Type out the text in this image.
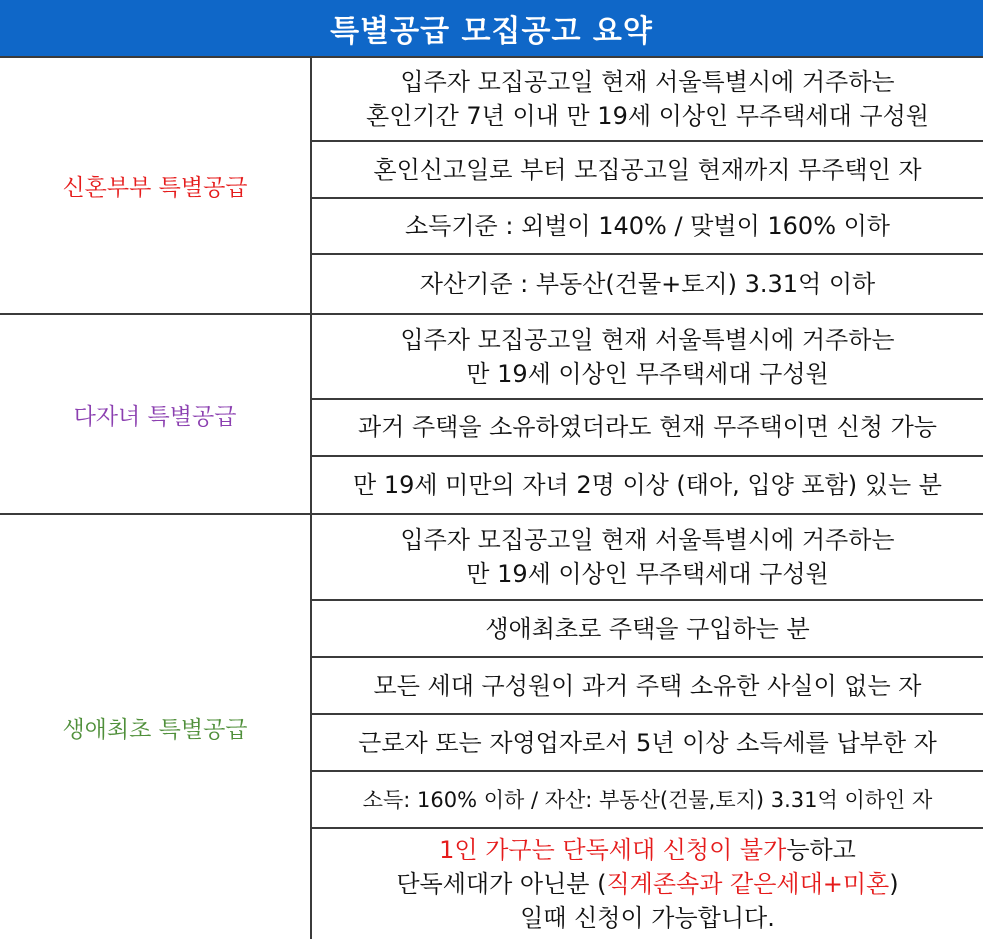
특별공급 모집공고 요약
신혼부부 특별공급
입주자 모집공고일 현재 서울특별시에 거주하는
혼인기간 7년 이내 만 19세 이상인 무주택세대 구성원
혼인신고일로 부터 모집공고일 현재까지 무주택인 자
소득기준 : 외벌이 140% / 맞벌이 160% 이하
자산기준 : 부동산(건물+토지) 3.31억 이하
다자녀 특별공급
입주자 모집공고일 현재 서울특별시에 거주하는
만 19세 이상인 무주택세대 구성원
과거 주택을 소유하였더라도 현재 무주택이면 신청 가능
만 19세 미만의 자녀 2명 이상 (태아, 입양 포함) 있는 분
생애최초 특별공급
입주자 모집공고일 현재 서울특별시에 거주하는
만 19세 이상인 무주택세대 구성원
생애최초로 주택을 구입하는 분
모든 세대 구성원이 과거 주택 소유한 사실이 없는 자
근로자 또는 자영업자로서 5년 이상 소득세를 납부한 자
소득: 160% 이하 / 자산: 부동산(건물,토지) 3.31억 이하인 자
1인 가구는 단독세대 신청이 불가능하고
단독세대가 아닌분 (직계존속과 같은세대+미혼)
일때 신청이 가능합니다.
